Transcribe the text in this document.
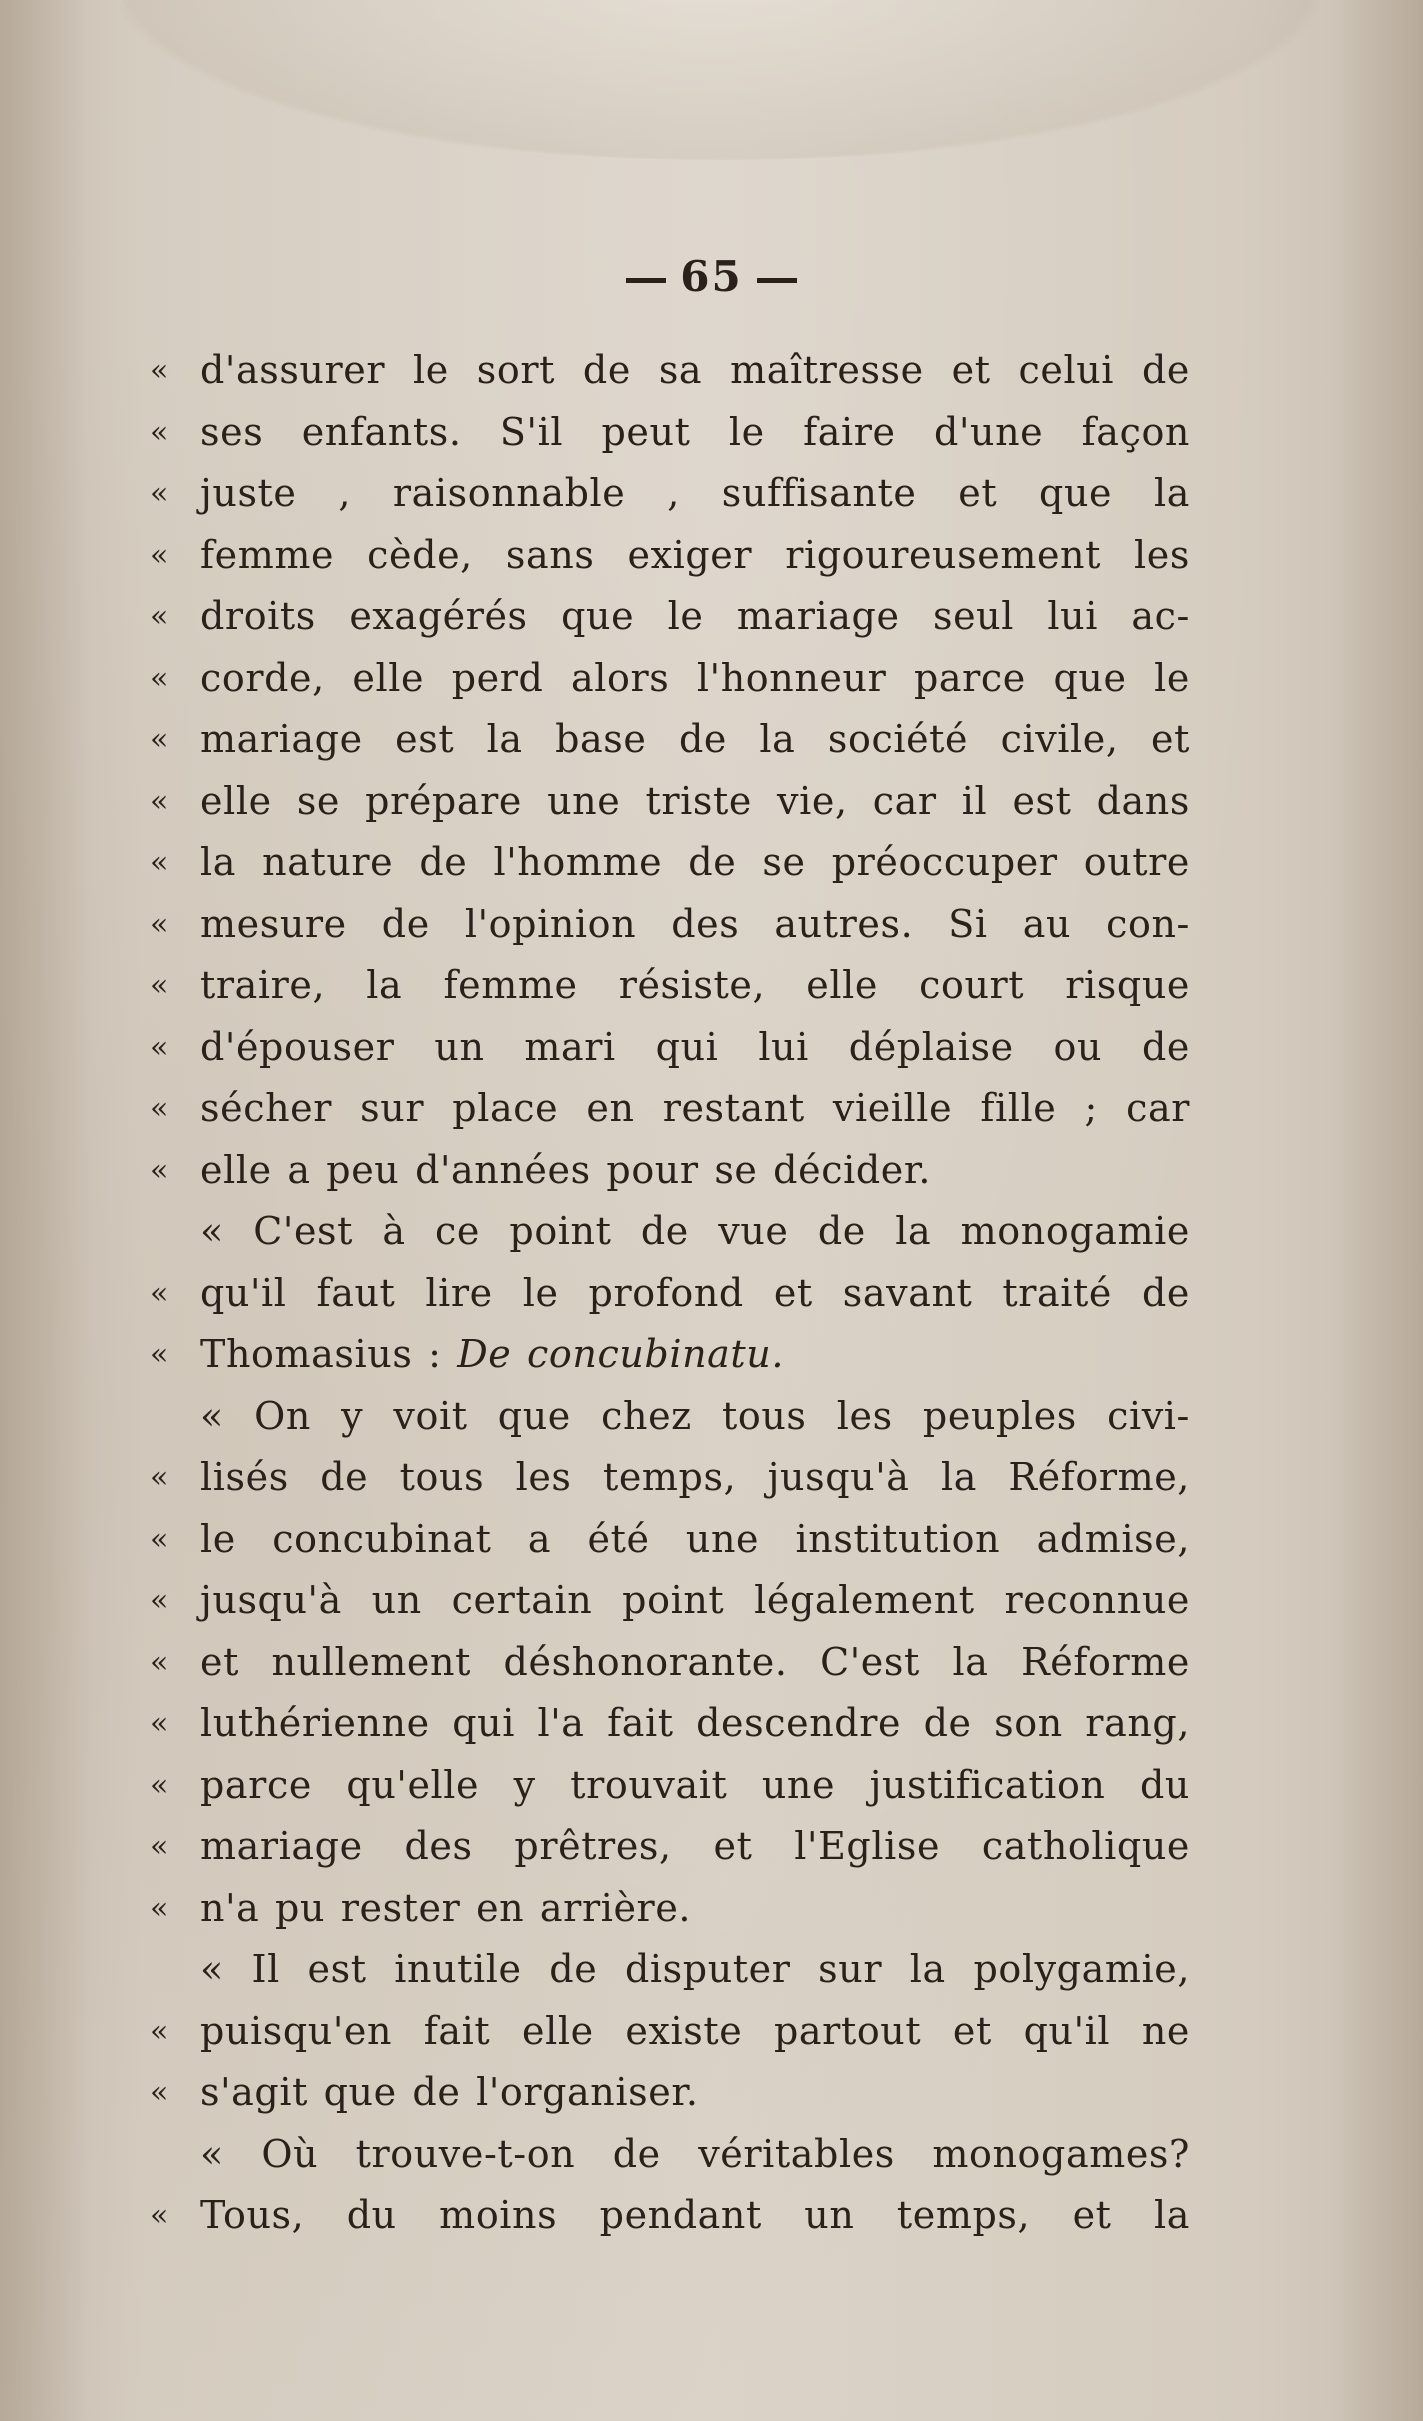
65
« d'assurer le sort de sa maîtresse et celui de
« ses enfants. S'il peut le faire d'une façon
« juste , raisonnable , suffisante et que la
« femme cède, sans exiger rigoureusement les
« droits exagérés que le mariage seul lui ac-
« corde, elle perd alors l'honneur parce que le
« mariage est la base de la société civile, et
« elle se prépare une triste vie, car il est dans
« la nature de l'homme de se préoccuper outre
« mesure de l'opinion des autres. Si au con-
« traire, la femme résiste, elle court risque
« d'épouser un mari qui lui déplaise ou de
« sécher sur place en restant vieille fille ; car
« elle a peu d'années pour se décider.
« C'est à ce point de vue de la monogamie
« qu'il faut lire le profond et savant traité de
« Thomasius : De concubinatu.
« On y voit que chez tous les peuples civi-
« lisés de tous les temps, jusqu'à la Réforme,
« le concubinat a été une institution admise,
« jusqu'à un certain point légalement reconnue
« et nullement déshonorante. C'est la Réforme
« luthérienne qui l'a fait descendre de son rang,
« parce qu'elle y trouvait une justification du
« mariage des prêtres, et l'Eglise catholique
« n'a pu rester en arrière.
« Il est inutile de disputer sur la polygamie,
« puisqu'en fait elle existe partout et qu'il ne
« s'agit que de l'organiser.
« Où trouve-t-on de véritables monogames?
« Tous, du moins pendant un temps, et la
